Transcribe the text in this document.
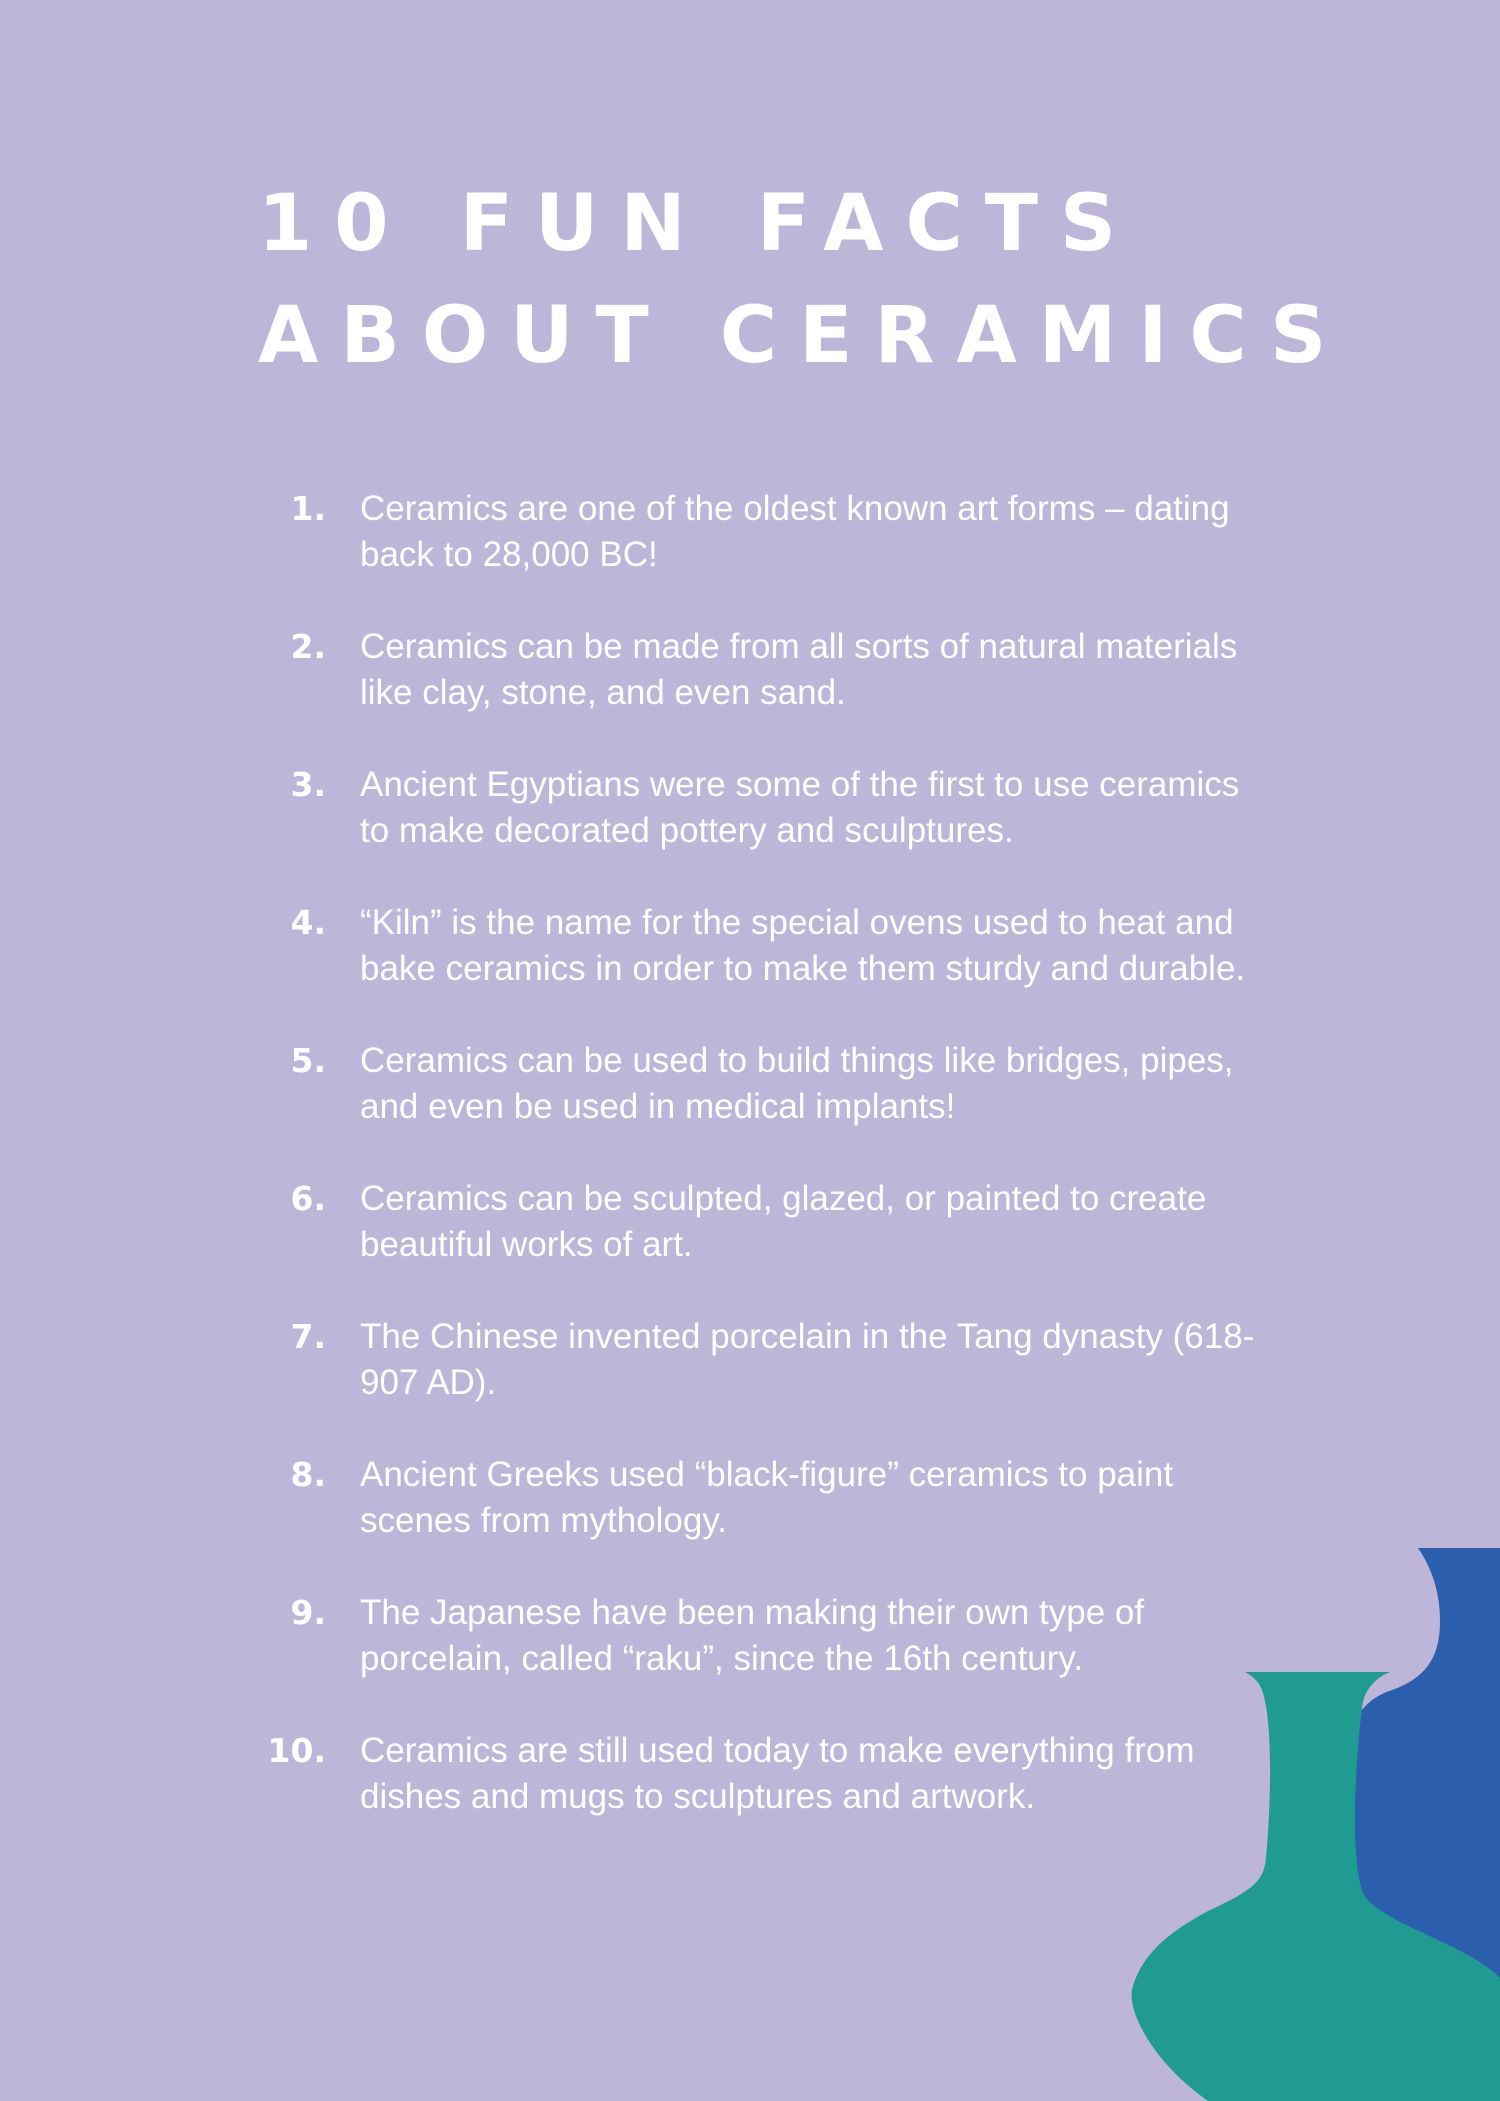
10 FUN FACTS
ABOUT CERAMICS
1. Ceramics are one of the oldest known art forms – dating back to 28,000 BC!
2. Ceramics can be made from all sorts of natural materials like clay, stone, and even sand.
3. Ancient Egyptians were some of the first to use ceramics to make decorated pottery and sculptures.
4. “Kiln” is the name for the special ovens used to heat and bake ceramics in order to make them sturdy and durable.
5. Ceramics can be used to build things like bridges, pipes, and even be used in medical implants!
6. Ceramics can be sculpted, glazed, or painted to create beautiful works of art.
7. The Chinese invented porcelain in the Tang dynasty (618-907 AD).
8. Ancient Greeks used “black-figure” ceramics to paint scenes from mythology.
9. The Japanese have been making their own type of porcelain, called “raku”, since the 16th century.
10. Ceramics are still used today to make everything from dishes and mugs to sculptures and artwork.
